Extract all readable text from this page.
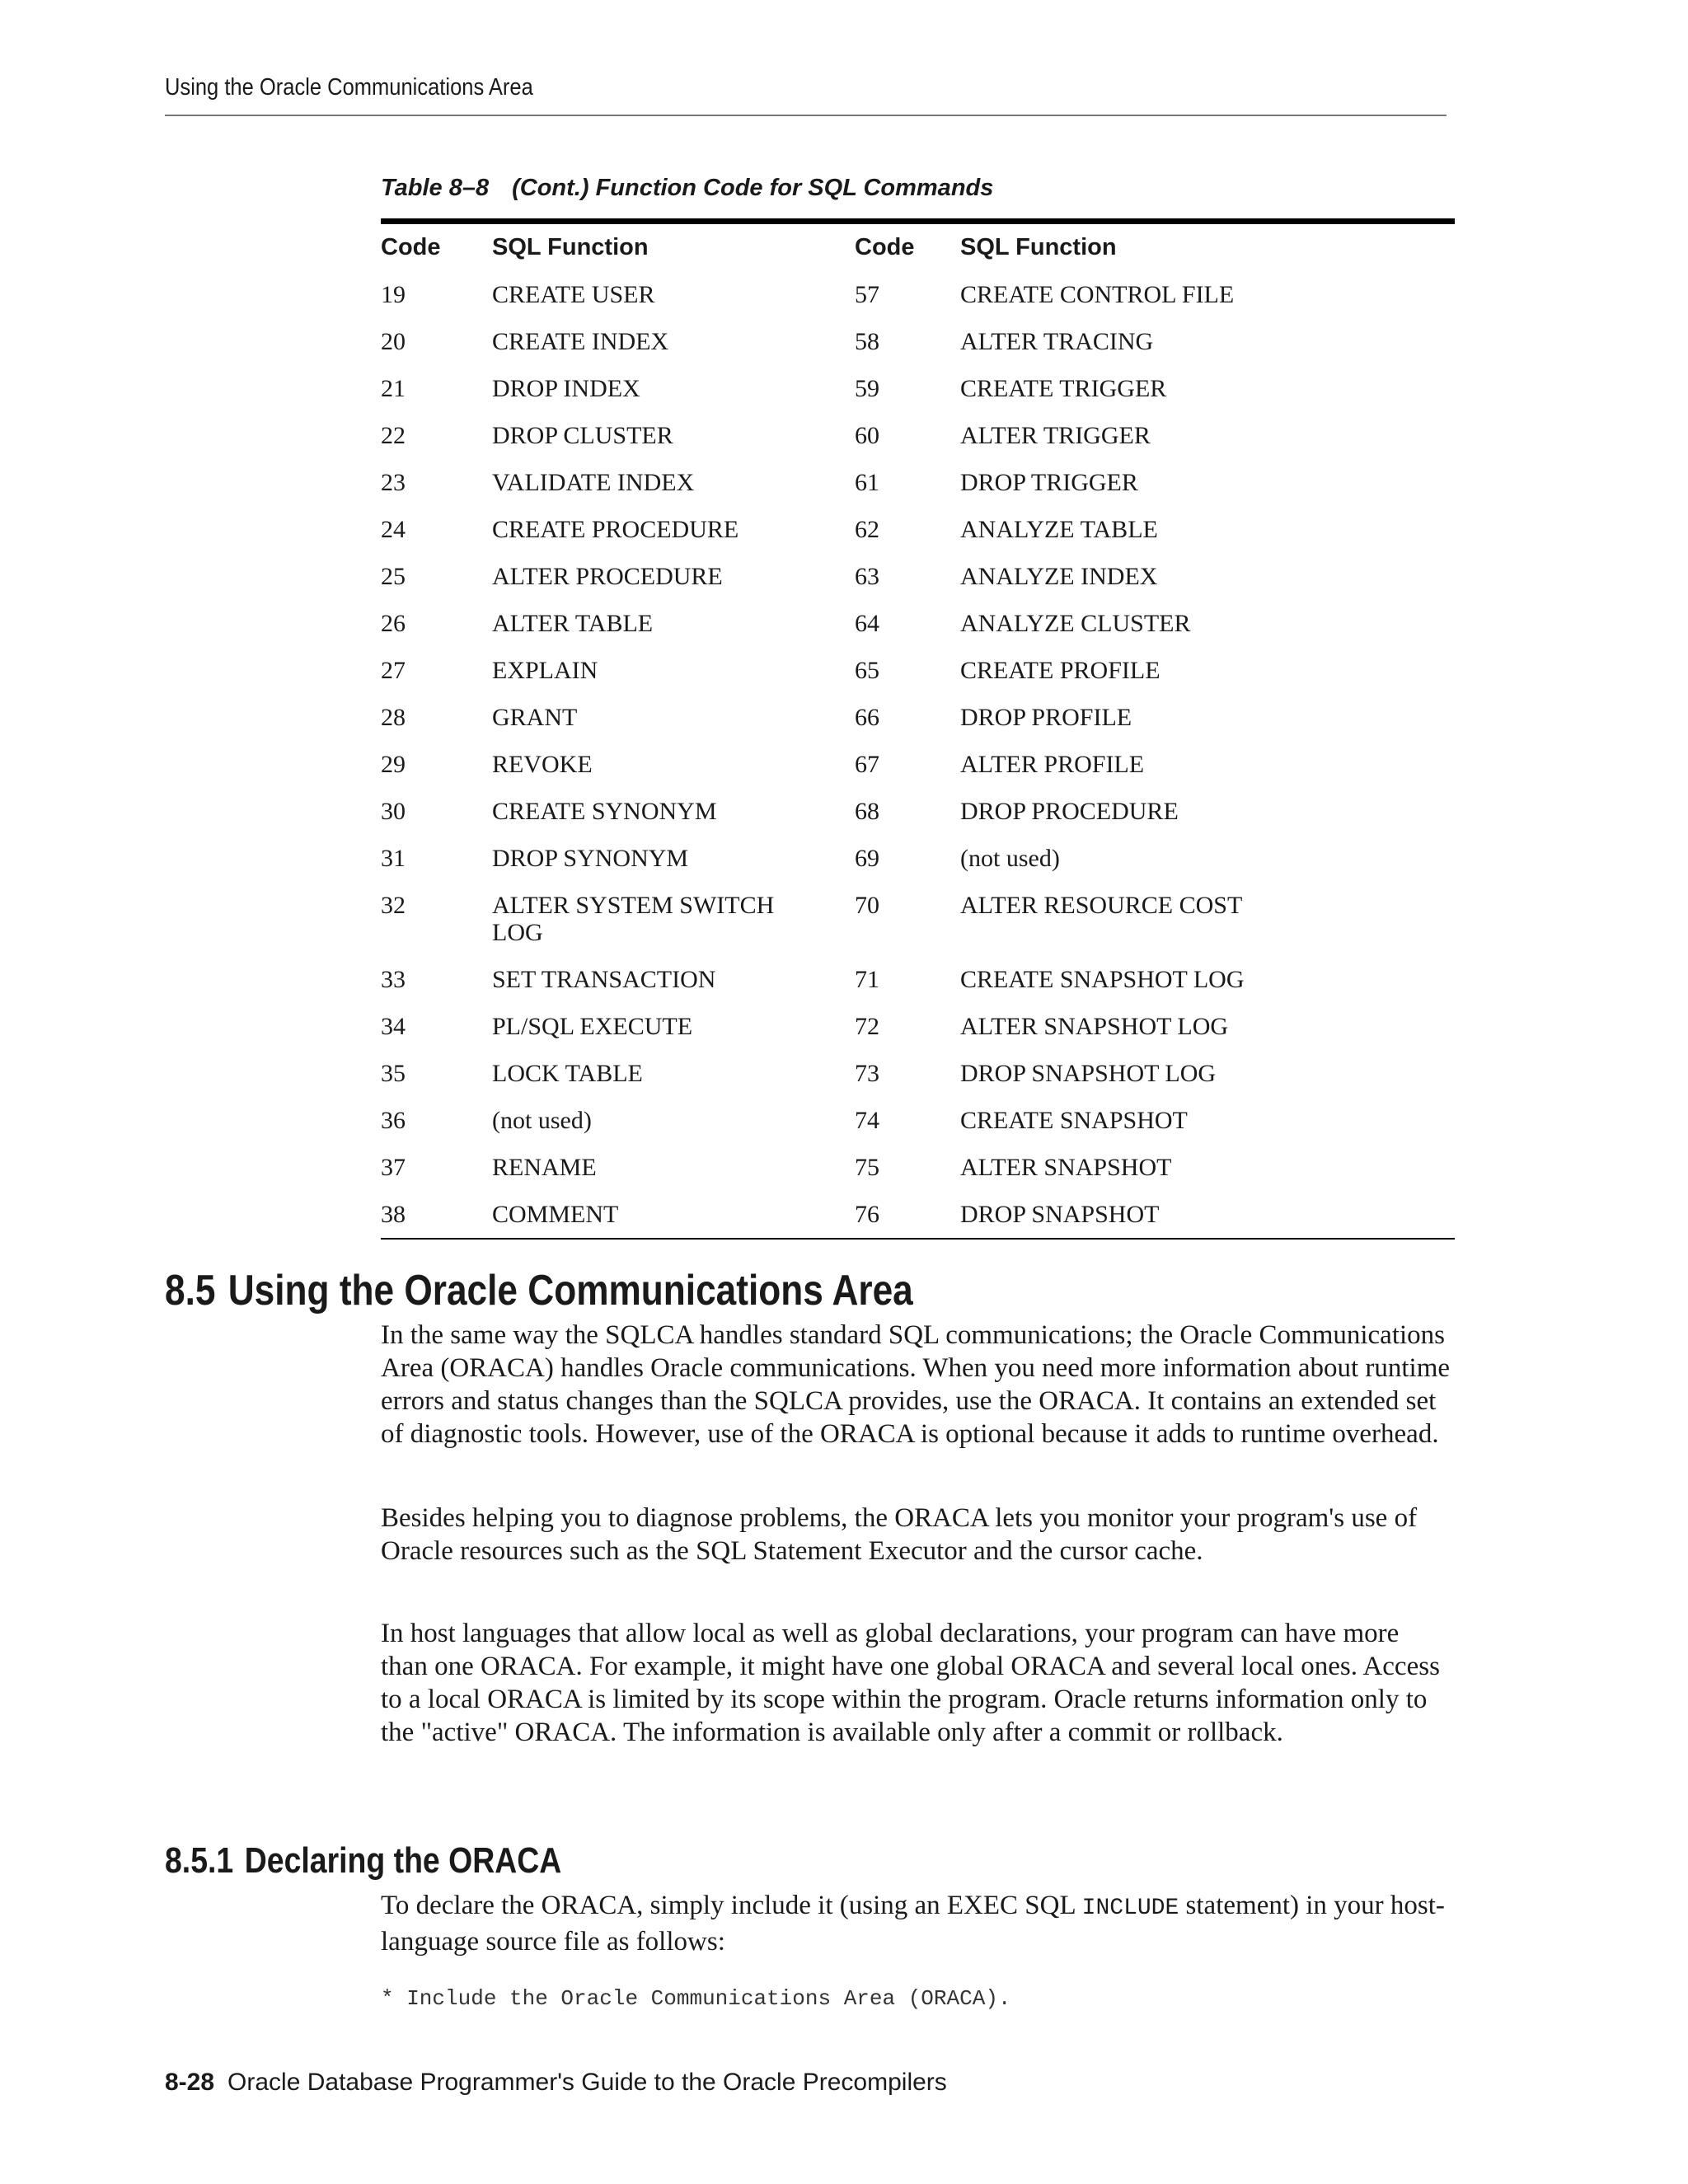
Using the Oracle Communications Area
Table 8–8 (Cont.) Function Code for SQL Commands
Code	SQL Function	Code	SQL Function
19	CREATE USER	57	CREATE CONTROL FILE
20	CREATE INDEX	58	ALTER TRACING
21	DROP INDEX	59	CREATE TRIGGER
22	DROP CLUSTER	60	ALTER TRIGGER
23	VALIDATE INDEX	61	DROP TRIGGER
24	CREATE PROCEDURE	62	ANALYZE TABLE
25	ALTER PROCEDURE	63	ANALYZE INDEX
26	ALTER TABLE	64	ANALYZE CLUSTER
27	EXPLAIN	65	CREATE PROFILE
28	GRANT	66	DROP PROFILE
29	REVOKE	67	ALTER PROFILE
30	CREATE SYNONYM	68	DROP PROCEDURE
31	DROP SYNONYM	69	(not used)
32	ALTER SYSTEM SWITCH LOG	70	ALTER RESOURCE COST
33	SET TRANSACTION	71	CREATE SNAPSHOT LOG
34	PL/SQL EXECUTE	72	ALTER SNAPSHOT LOG
35	LOCK TABLE	73	DROP SNAPSHOT LOG
36	(not used)	74	CREATE SNAPSHOT
37	RENAME	75	ALTER SNAPSHOT
38	COMMENT	76	DROP SNAPSHOT
8.5 Using the Oracle Communications Area

In the same way the SQLCA handles standard SQL communications; the Oracle Communications Area (ORACA) handles Oracle communications. When you need more information about runtime errors and status changes than the SQLCA provides, use the ORACA. It contains an extended set of diagnostic tools. However, use of the ORACA is optional because it adds to runtime overhead.

Besides helping you to diagnose problems, the ORACA lets you monitor your program's use of Oracle resources such as the SQL Statement Executor and the cursor cache.

In host languages that allow local as well as global declarations, your program can have more than one ORACA. For example, it might have one global ORACA and several local ones. Access to a local ORACA is limited by its scope within the program. Oracle returns information only to the "active" ORACA. The information is available only after a commit or rollback.

8.5.1 Declaring the ORACA

To declare the ORACA, simply include it (using an EXEC SQL INCLUDE statement) in your host-language source file as follows:

* Include the Oracle Communications Area (ORACA).
8-28 Oracle Database Programmer's Guide to the Oracle Precompilers
